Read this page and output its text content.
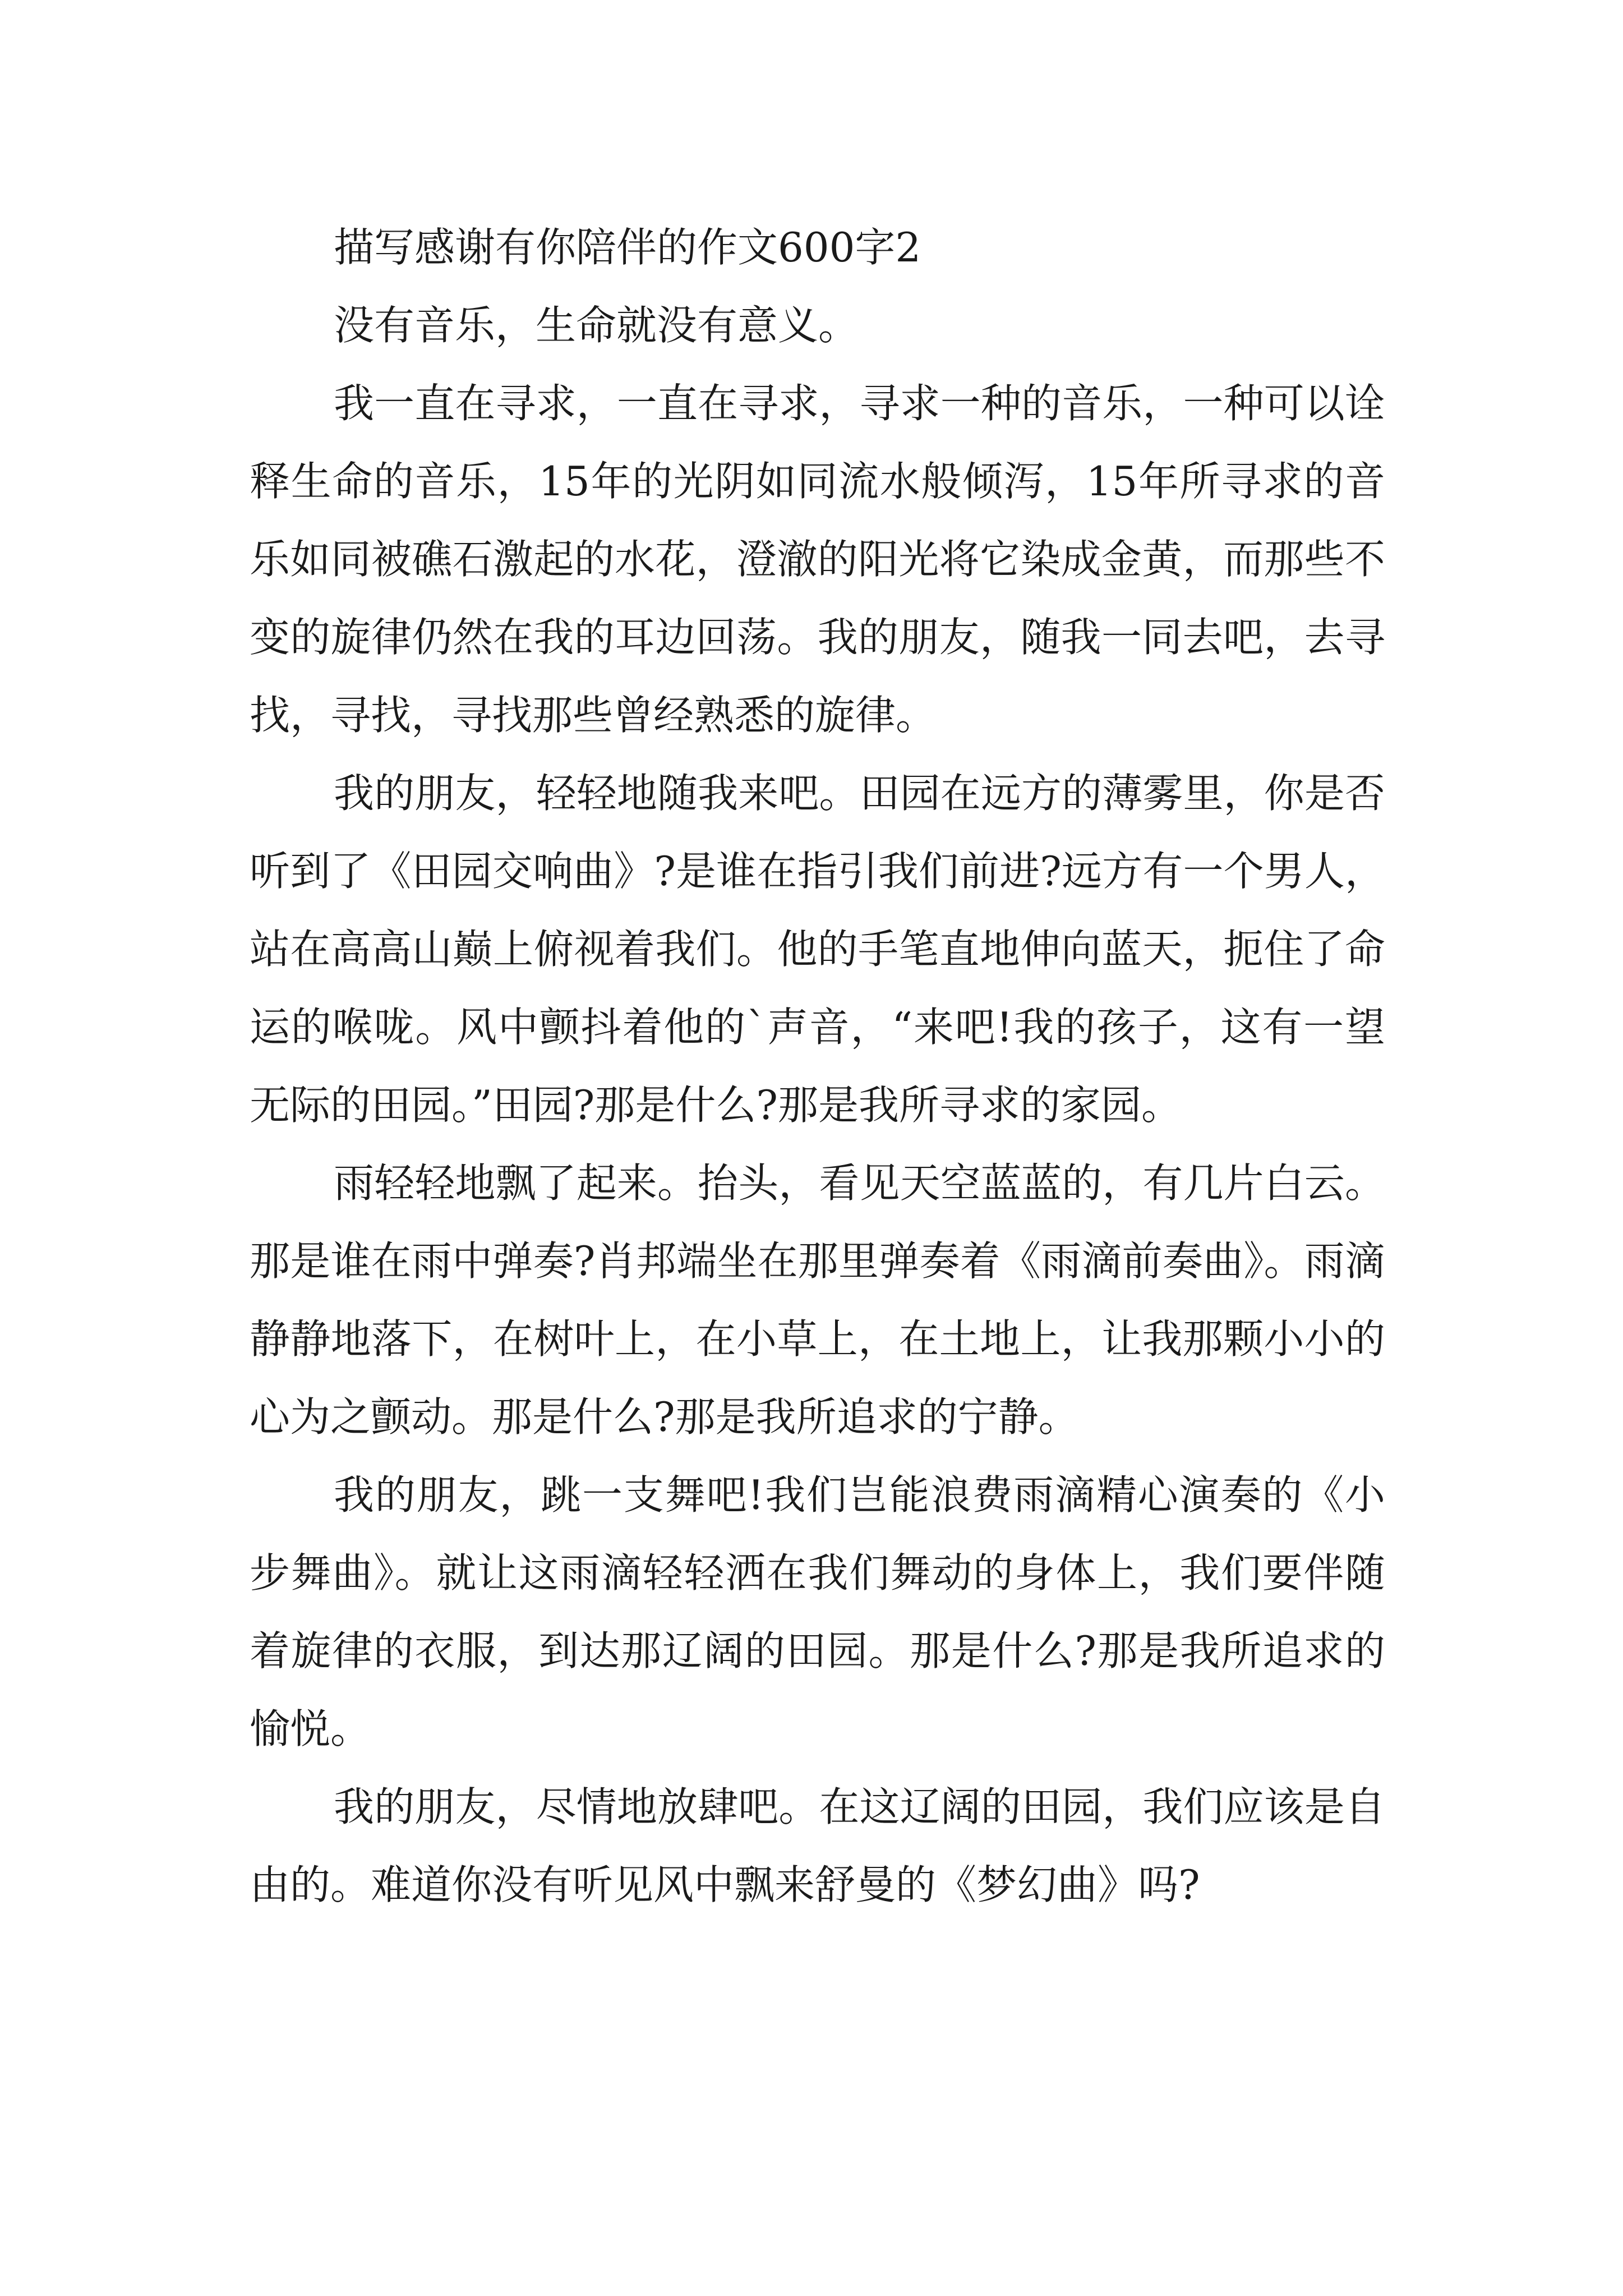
描写感谢有你陪伴的作文600字2

没有音乐，生命就没有意义。

我一直在寻求，一直在寻求，寻求一种的音乐，一种可以诠释生命的音乐，15年的光阴如同流水般倾泻，15年所寻求的音乐如同被礁石激起的水花，澄澈的阳光将它染成金黄，而那些不变的旋律仍然在我的耳边回荡。我的朋友，随我一同去吧，去寻找，寻找，寻找那些曾经熟悉的旋律。

我的朋友，轻轻地随我来吧。田园在远方的薄雾里，你是否听到了《田园交响曲》?是谁在指引我们前进?远方有一个男人，站在高高山巅上俯视着我们。他的手笔直地伸向蓝天，扼住了命运的喉咙。风中颤抖着他的`声音，“来吧!我的孩子，这有一望无际的田园。”田园?那是什么?那是我所寻求的家园。

雨轻轻地飘了起来。抬头，看见天空蓝蓝的，有几片白云。那是谁在雨中弹奏?肖邦端坐在那里弹奏着《雨滴前奏曲》。雨滴静静地落下，在树叶上，在小草上，在土地上，让我那颗小小的心为之颤动。那是什么?那是我所追求的宁静。

我的朋友，跳一支舞吧!我们岂能浪费雨滴精心演奏的《小步舞曲》。就让这雨滴轻轻洒在我们舞动的身体上，我们要伴随着旋律的衣服，到达那辽阔的田园。那是什么?那是我所追求的愉悦。

我的朋友，尽情地放肆吧。在这辽阔的田园，我们应该是自由的。难道你没有听见风中飘来舒曼的《梦幻曲》吗?
